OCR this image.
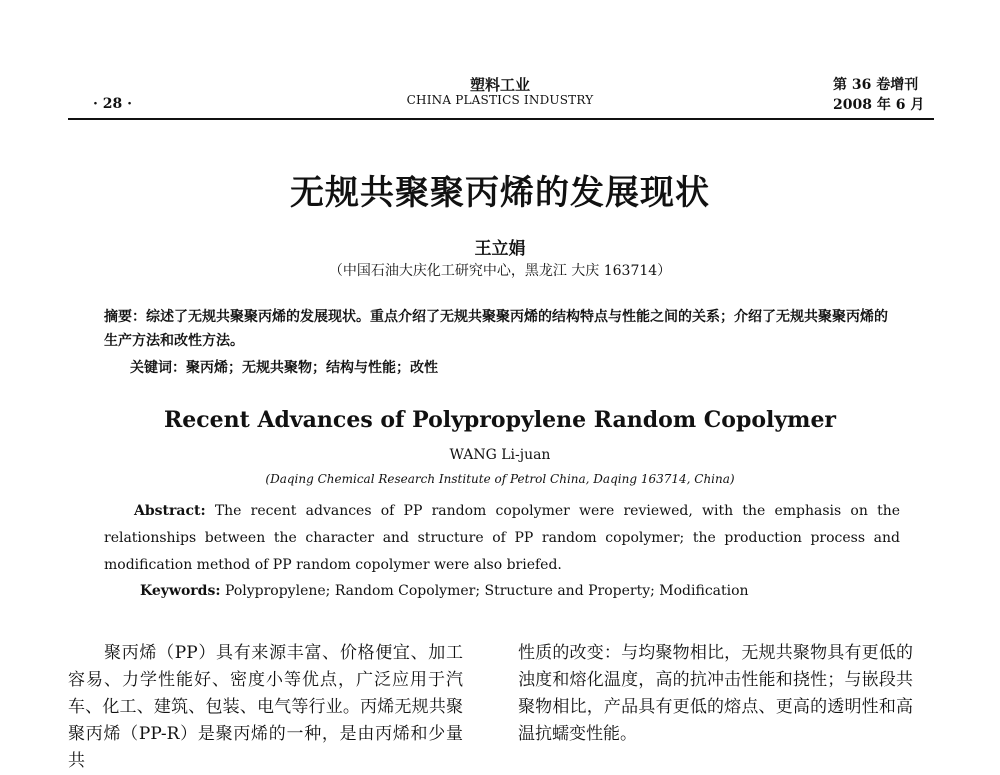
· 28 ·
塑料工业
CHINA PLASTICS INDUSTRY
第 36 卷增刊
2008 年 6 月
无规共聚聚丙烯的发展现状
王立娟
（中国石油大庆化工研究中心，黑龙江 大庆 163714）
摘要：综述了无规共聚聚丙烯的发展现状。重点介绍了无规共聚聚丙烯的结构特点与性能之间的关系；介绍了无规共聚聚丙烯的生产方法和改性方法。
关键词：聚丙烯；无规共聚物；结构与性能；改性
Recent Advances of Polypropylene Random Copolymer
WANG Li-juan
(Daqing Chemical Research Institute of Petrol China, Daqing 163714, China)
Abstract: The recent advances of PP random copolymer were reviewed, with the emphasis on the relationships between the character and structure of PP random copolymer; the production process and modification method of PP random copolymer were also briefed.
Keywords: Polypropylene; Random Copolymer; Structure and Property; Modification
聚丙烯（PP）具有来源丰富、价格便宜、加工容易、力学性能好、密度小等优点，广泛应用于汽车、化工、建筑、包装、电气等行业。丙烯无规共聚聚丙烯（PP-R）是聚丙烯的一种，是由丙烯和少量共
性质的改变：与均聚物相比，无规共聚物具有更低的浊度和熔化温度，高的抗冲击性能和挠性；与嵌段共聚物相比，产品具有更低的熔点、更高的透明性和高温抗蠕变性能。
